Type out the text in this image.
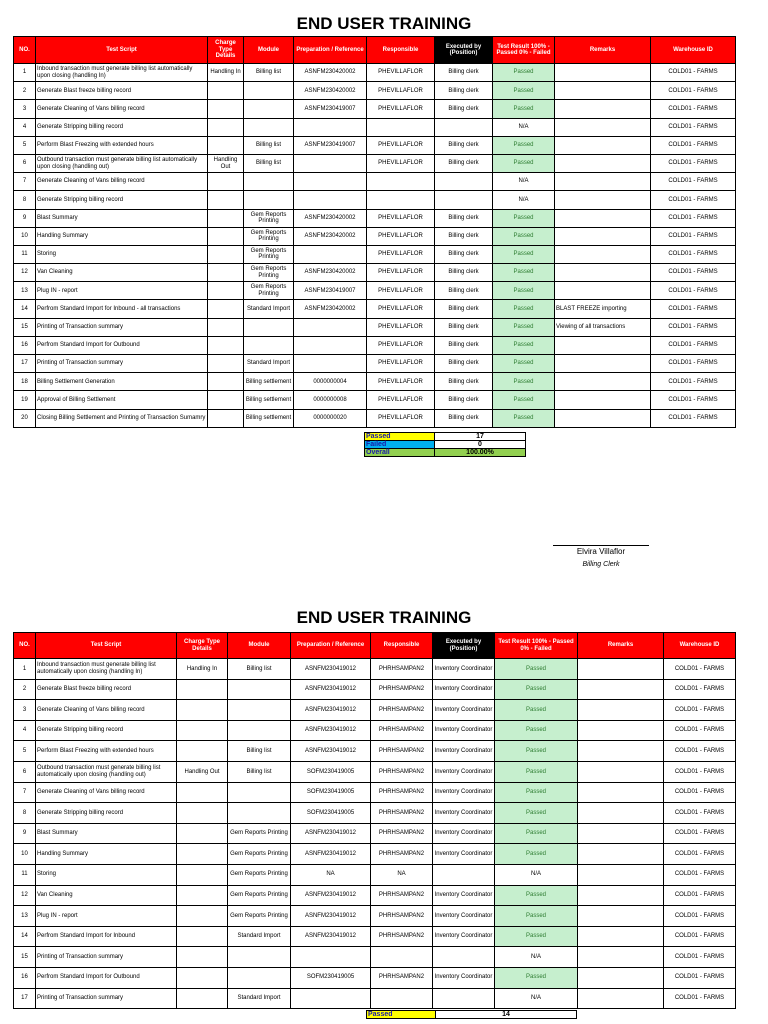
END USER TRAINING
NO.	Test Script	Charge Type Details	Module	Preparation / Reference	Responsible	Executed by (Position)	Test Result 100% - Passed 0% - Failed	Remarks	Warehouse ID
1	Inbound transaction must generate billing list automatically upon closing (handling In)	Handling In	Billing list	ASNFM230420002	PHEVILLAFLOR	Billing clerk	Passed		COLD01 - FARMS
2	Generate Blast freeze billing record			ASNFM230420002	PHEVILLAFLOR	Billing clerk	Passed		COLD01 - FARMS
3	Generate Cleaning of Vans billing record			ASNFM230419007	PHEVILLAFLOR	Billing clerk	Passed		COLD01 - FARMS
4	Generate Stripping billing record						N/A		COLD01 - FARMS
5	Perform Blast Freezing with extended hours		Billing list	ASNFM230419007	PHEVILLAFLOR	Billing clerk	Passed		COLD01 - FARMS
6	Outbound transaction must generate billing list automatically upon closing (handling out)	Handling Out	Billing list		PHEVILLAFLOR	Billing clerk	Passed		COLD01 - FARMS
7	Generate Cleaning of Vans billing record						N/A		COLD01 - FARMS
8	Generate Stripping billing record						N/A		COLD01 - FARMS
9	Blast Summary		Gem Reports Printing	ASNFM230420002	PHEVILLAFLOR	Billing clerk	Passed		COLD01 - FARMS
10	Handling Summary		Gem Reports Printing	ASNFM230420002	PHEVILLAFLOR	Billing clerk	Passed		COLD01 - FARMS
11	Storing		Gem Reports Printing		PHEVILLAFLOR	Billing clerk	Passed		COLD01 - FARMS
12	Van Cleaning		Gem Reports Printing	ASNFM230420002	PHEVILLAFLOR	Billing clerk	Passed		COLD01 - FARMS
13	Plug IN - report		Gem Reports Printing	ASNFM230419007	PHEVILLAFLOR	Billing clerk	Passed		COLD01 - FARMS
14	Perfrom Standard Import for Inbound - all transactions		Standard Import	ASNFM230420002	PHEVILLAFLOR	Billing clerk	Passed	BLAST FREEZE importing	COLD01 - FARMS
15	Printing of Transaction summary				PHEVILLAFLOR	Billing clerk	Passed	Viewing of all transactions	COLD01 - FARMS
16	Perfrom Standard Import for Outbound				PHEVILLAFLOR	Billing clerk	Passed		COLD01 - FARMS
17	Printing of Transaction summary		Standard Import		PHEVILLAFLOR	Billing clerk	Passed		COLD01 - FARMS
18	Billing Settlement Generation		Billing settlement	0000000004	PHEVILLAFLOR	Billing clerk	Passed		COLD01 - FARMS
19	Approval of Billing Settlement		Billing settlement	0000000008	PHEVILLAFLOR	Billing clerk	Passed		COLD01 - FARMS
20	Closing Billing Settlement and Printing of Transaction Sumamry		Billing settlement	0000000020	PHEVILLAFLOR	Billing clerk	Passed		COLD01 - FARMS
Passed	17
Failed	0
Overall	100.00%
Elvira Villaflor
Billing Clerk
END USER TRAINING
NO.	Test Script	Charge Type Details	Module	Preparation / Reference	Responsible	Executed by (Position)	Test Result 100% - Passed 0% - Failed	Remarks	Warehouse ID
1	Inbound transaction must generate billing list automatically upon closing (handling In)	Handling In	Billing list	ASNFM230419012	PHRHSAMPAN2	Inventory Coordinator	Passed		COLD01 - FARMS
2	Generate Blast freeze billing record			ASNFM230419012	PHRHSAMPAN2	Inventory Coordinator	Passed		COLD01 - FARMS
3	Generate Cleaning of Vans billing record			ASNFM230419012	PHRHSAMPAN2	Inventory Coordinator	Passed		COLD01 - FARMS
4	Generate Stripping billing record			ASNFM230419012	PHRHSAMPAN2	Inventory Coordinator	Passed		COLD01 - FARMS
5	Perform Blast Freezing with extended hours		Billing list	ASNFM230419012	PHRHSAMPAN2	Inventory Coordinator	Passed		COLD01 - FARMS
6	Outbound transaction must generate billing list automatically upon closing (handling out)	Handling Out	Billing list	SOFM230419005	PHRHSAMPAN2	Inventory Coordinator	Passed		COLD01 - FARMS
7	Generate Cleaning of Vans billing record			SOFM230419005	PHRHSAMPAN2	Inventory Coordinator	Passed		COLD01 - FARMS
8	Generate Stripping billing record			SOFM230419005	PHRHSAMPAN2	Inventory Coordinator	Passed		COLD01 - FARMS
9	Blast Summary		Gem Reports Printing	ASNFM230419012	PHRHSAMPAN2	Inventory Coordinator	Passed		COLD01 - FARMS
10	Handling Summary		Gem Reports Printing	ASNFM230419012	PHRHSAMPAN2	Inventory Coordinator	Passed		COLD01 - FARMS
11	Storing		Gem Reports Printing	NA	NA		N/A		COLD01 - FARMS
12	Van Cleaning		Gem Reports Printing	ASNFM230419012	PHRHSAMPAN2	Inventory Coordinator	Passed		COLD01 - FARMS
13	Plug IN - report		Gem Reports Printing	ASNFM230419012	PHRHSAMPAN2	Inventory Coordinator	Passed		COLD01 - FARMS
14	Perfrom Standard Import for Inbound		Standard Import	ASNFM230419012	PHRHSAMPAN2	Inventory Coordinator	Passed		COLD01 - FARMS
15	Printing of Transaction summary						N/A		COLD01 - FARMS
16	Perfrom Standard Import for Outbound			SOFM230419005	PHRHSAMPAN2	Inventory Coordinator	Passed		COLD01 - FARMS
17	Printing of Transaction summary		Standard Import				N/A		COLD01 - FARMS
Passed	14
